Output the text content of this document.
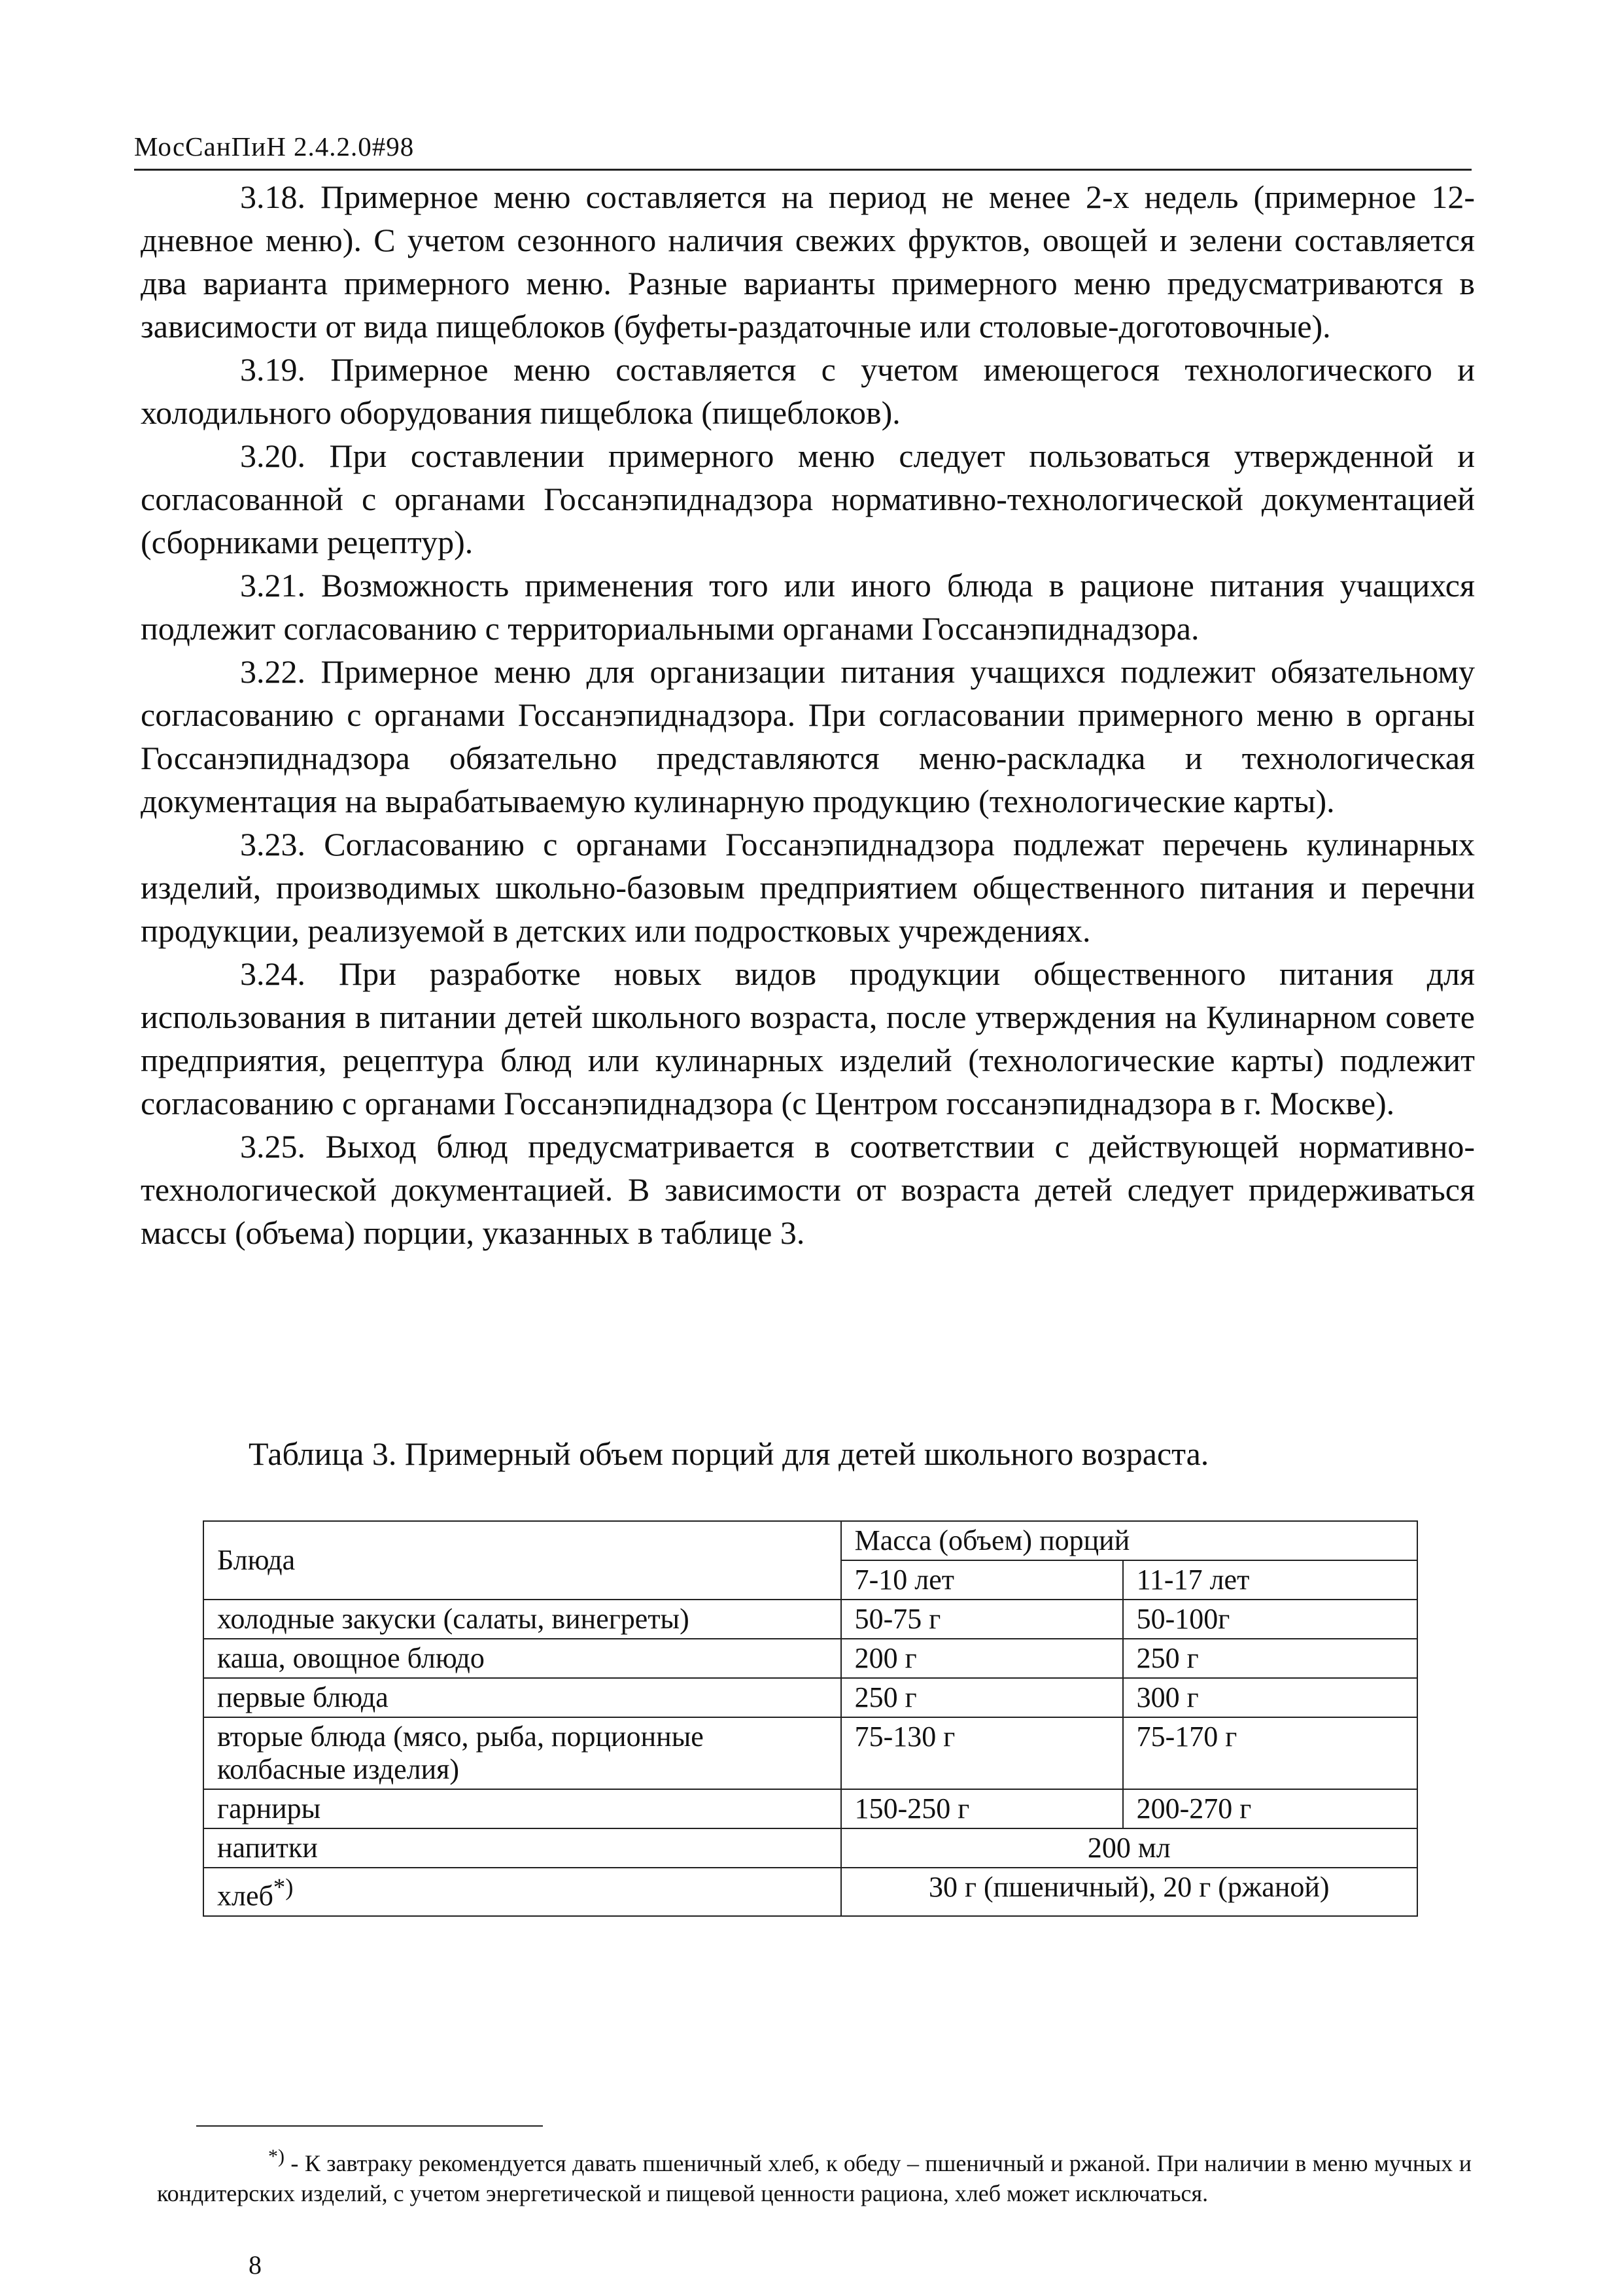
МосСанПиН 2.4.2.0#98

3.18. Примерное меню составляется на период не менее 2-х недель (примерное 12-дневное меню). С учетом сезонного наличия свежих фруктов, овощей и зелени составляется два варианта примерного меню. Разные варианты примерного меню предусматриваются в зависимости от вида пищеблоков (буфеты-раздаточные или столовые-доготовочные).

3.19. Примерное меню составляется с учетом имеющегося технологического и холодильного оборудования пищеблока (пищеблоков).

3.20. При составлении примерного меню следует пользоваться утвержденной и согласованной с органами Госсанэпиднадзора нормативно-технологической документацией (сборниками рецептур).

3.21. Возможность применения того или иного блюда в рационе питания учащихся подлежит согласованию с территориальными органами Госсанэпиднадзора.

3.22. Примерное меню для организации питания учащихся подлежит обязательному согласованию с органами Госсанэпиднадзора. При согласовании примерного меню в органы Госсанэпиднадзора обязательно представляются меню-раскладка и технологическая документация на вырабатываемую кулинарную продукцию (технологические карты).

3.23. Согласованию с органами Госсанэпиднадзора подлежат перечень кулинарных изделий, производимых школьно-базовым предприятием общественного питания и перечни продукции, реализуемой в детских или подростковых учреждениях.

3.24. При разработке новых видов продукции общественного питания для использования в питании детей школьного возраста, после утверждения на Кулинарном совете предприятия, рецептура блюд или кулинарных изделий (технологические карты) подлежит согласованию с органами Госсанэпиднадзора (с Центром госсанэпиднадзора в г. Москве).

3.25. Выход блюд предусматривается в соответствии с действующей нормативно-технологической документацией. В зависимости от возраста детей следует придерживаться массы (объема) порции, указанных в таблице 3.

Таблица 3. Примерный объем порций для детей школьного возраста.
Блюда	Масса (объем) порций	
	7-10 лет	11-17 лет
холодные закуски (салаты, винегреты)	50-75 г	50-100г
каша, овощное блюдо	200 г	250 г
первые блюда	250 г	300 г
вторые блюда (мясо, рыба, порционные колбасные изделия)	75-130 г	75-170 г
гарниры	150-250 г	200-270 г
напитки	200 мл	
хлеб*)	30 г (пшеничный), 20 г (ржаной)	
*) - К завтраку рекомендуется давать пшеничный хлеб, к обеду – пшеничный и ржаной. При наличии в меню мучных и кондитерских изделий, с учетом энергетической и пищевой ценности рациона, хлеб может исключаться.
8
